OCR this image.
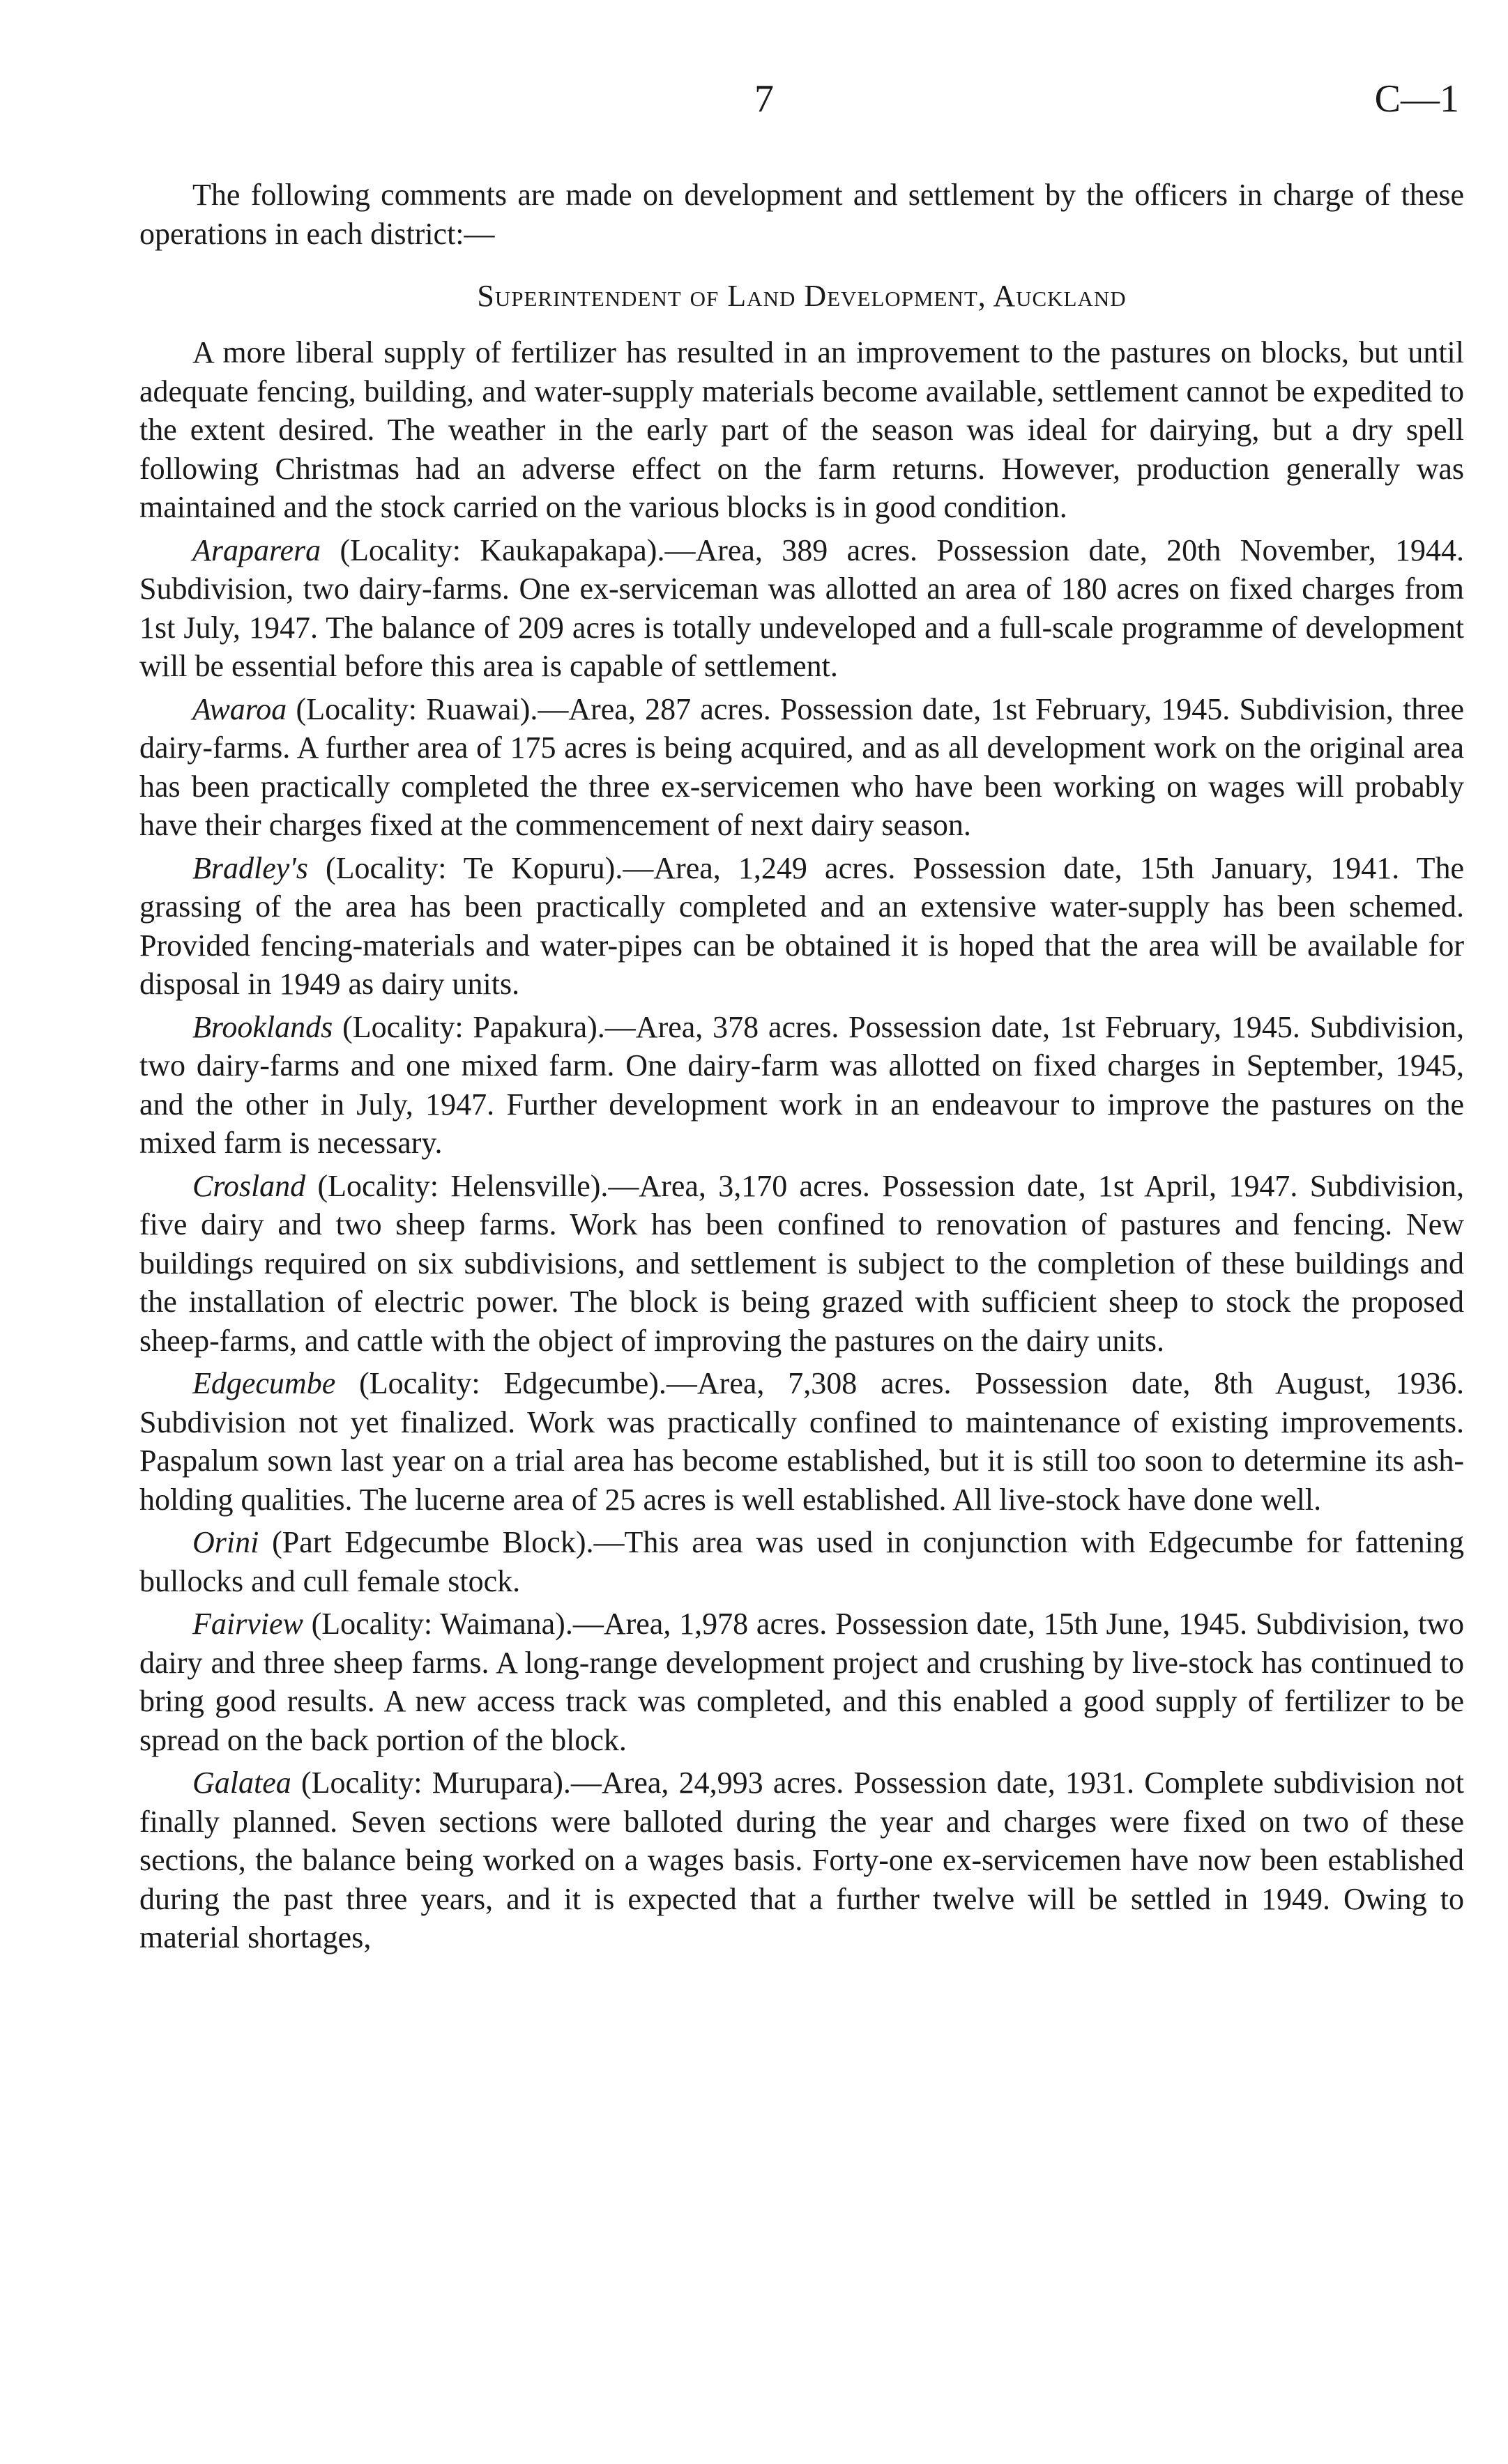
7	C—1

The following comments are made on development and settlement by the officers in charge of these operations in each district:—

Superintendent of Land Development, Auckland

A more liberal supply of fertilizer has resulted in an improvement to the pastures on blocks, but until adequate fencing, building, and water-supply materials become available, settlement cannot be expedited to the extent desired. The weather in the early part of the season was ideal for dairying, but a dry spell following Christmas had an adverse effect on the farm returns. However, production generally was maintained and the stock carried on the various blocks is in good condition.

Araparera (Locality: Kaukapakapa).—Area, 389 acres. Possession date, 20th November, 1944. Subdivision, two dairy-farms. One ex-serviceman was allotted an area of 180 acres on fixed charges from 1st July, 1947. The balance of 209 acres is totally undeveloped and a full-scale programme of development will be essential before this area is capable of settlement.

Awaroa (Locality: Ruawai).—Area, 287 acres. Possession date, 1st February, 1945. Subdivision, three dairy-farms. A further area of 175 acres is being acquired, and as all development work on the original area has been practically completed the three ex-servicemen who have been working on wages will probably have their charges fixed at the commencement of next dairy season.

Bradley's (Locality: Te Kopuru).—Area, 1,249 acres. Possession date, 15th January, 1941. The grassing of the area has been practically completed and an extensive water-supply has been schemed. Provided fencing-materials and water-pipes can be obtained it is hoped that the area will be available for disposal in 1949 as dairy units.

Brooklands (Locality: Papakura).—Area, 378 acres. Possession date, 1st February, 1945. Subdivision, two dairy-farms and one mixed farm. One dairy-farm was allotted on fixed charges in September, 1945, and the other in July, 1947. Further development work in an endeavour to improve the pastures on the mixed farm is necessary.

Crosland (Locality: Helensville).—Area, 3,170 acres. Possession date, 1st April, 1947. Subdivision, five dairy and two sheep farms. Work has been confined to renovation of pastures and fencing. New buildings required on six subdivisions, and settlement is subject to the completion of these buildings and the installation of electric power. The block is being grazed with sufficient sheep to stock the proposed sheep-farms, and cattle with the object of improving the pastures on the dairy units.

Edgecumbe (Locality: Edgecumbe).—Area, 7,308 acres. Possession date, 8th August, 1936. Subdivision not yet finalized. Work was practically confined to maintenance of existing improvements. Paspalum sown last year on a trial area has become established, but it is still too soon to determine its ash-holding qualities. The lucerne area of 25 acres is well established. All live-stock have done well.

Orini (Part Edgecumbe Block).—This area was used in conjunction with Edgecumbe for fattening bullocks and cull female stock.

Fairview (Locality: Waimana).—Area, 1,978 acres. Possession date, 15th June, 1945. Subdivision, two dairy and three sheep farms. A long-range development project and crushing by live-stock has continued to bring good results. A new access track was completed, and this enabled a good supply of fertilizer to be spread on the back portion of the block.

Galatea (Locality: Murupara).—Area, 24,993 acres. Possession date, 1931. Complete subdivision not finally planned. Seven sections were balloted during the year and charges were fixed on two of these sections, the balance being worked on a wages basis. Forty-one ex-servicemen have now been established during the past three years, and it is expected that a further twelve will be settled in 1949. Owing to material shortages,
